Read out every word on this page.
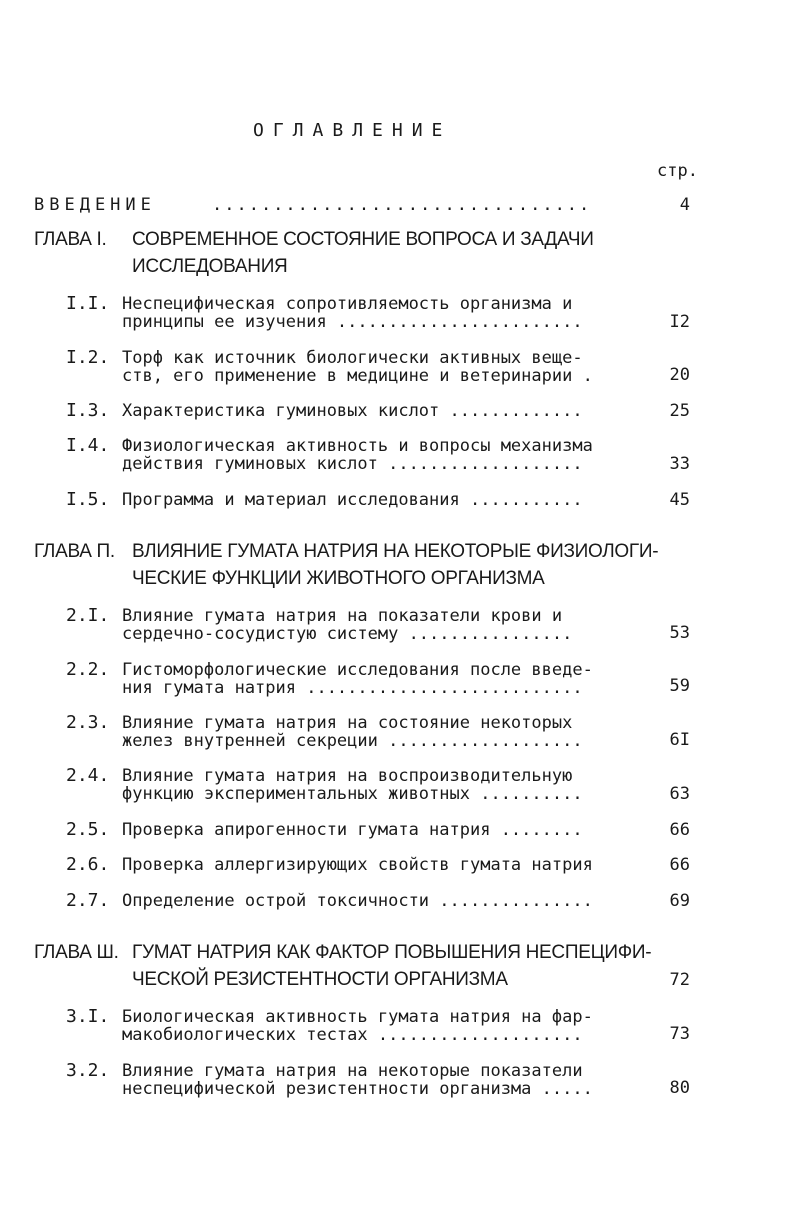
ОГЛАВЛЕНИЕ
стр.
ВВЕДЕНИЕ	...............................	4
ГЛАВА I. СОВРЕМЕННОЕ СОСТОЯНИЕ ВОПРОСА И ЗАДАЧИ
ИССЛЕДОВАНИЯ
I.I. Неспецифическая сопротивляемость организма и
принципы ее изучения ........................	I2
I.2. Торф как источник биологически активных веще-
ств, его применение в медицине и ветеринарии .	20
I.3. Характеристика гуминовых кислот .............	25
I.4. Физиологическая активность и вопросы механизма
действия гуминовых кислот ...................	33
I.5. Программа и материал исследования ...........	45
ГЛАВА П. ВЛИЯНИЕ ГУМАТА НАТРИЯ НА НЕКОТОРЫЕ ФИЗИОЛОГИ-
ЧЕСКИЕ ФУНКЦИИ ЖИВОТНОГО ОРГАНИЗМА
2.I. Влияние гумата натрия на показатели крови и
сердечно-сосудистую систему ................	53
2.2. Гистоморфологические исследования после введе-
ния гумата натрия ...........................	59
2.3. Влияние гумата натрия на состояние некоторых
желез внутренней секреции ...................	6I
2.4. Влияние гумата натрия на воспроизводительную
функцию экспериментальных животных ..........	63
2.5. Проверка апирогенности гумата натрия ........	66
2.6. Проверка аллергизирующих свойств гумата натрия	66
2.7. Определение острой токсичности ...............	69
ГЛАВА Ш. ГУМАТ НАТРИЯ КАК ФАКТОР ПОВЫШЕНИЯ НЕСПЕЦИФИ-
ЧЕСКОЙ РЕЗИСТЕНТНОСТИ ОРГАНИЗМА	72
3.I. Биологическая активность гумата натрия на фар-
макобиологических тестах ....................	73
3.2. Влияние гумата натрия на некоторые показатели
неспецифической резистентности организма .....	80
